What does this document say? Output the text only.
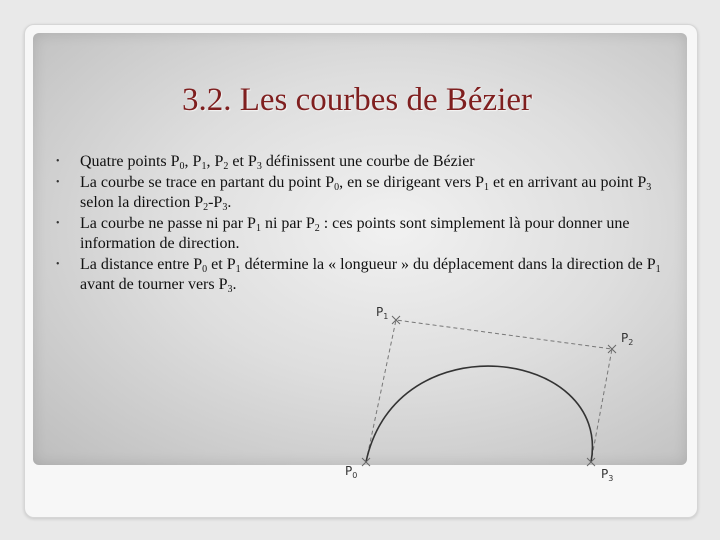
3.2. Les courbes de Bézier
• Quatre points $P_0$, $P_1$, $P_2$ et $P_3$ définissent une courbe de Bézier
• La courbe se trace en partant du point $P_0$, en se dirigeant vers $P_1$ et en arrivant au point $P_3$ selon la direction $P_2-P_3$.
• La courbe ne passe ni par $P_1$ ni par $P_2$ : ces points sont simplement là pour donner une information de direction.
• La distance entre $P_0$ et $P_1$ détermine la « longueur » du déplacement dans la direction de $P_1$ avant de tourner vers $P_3$.
P0
P1
P2
P3
